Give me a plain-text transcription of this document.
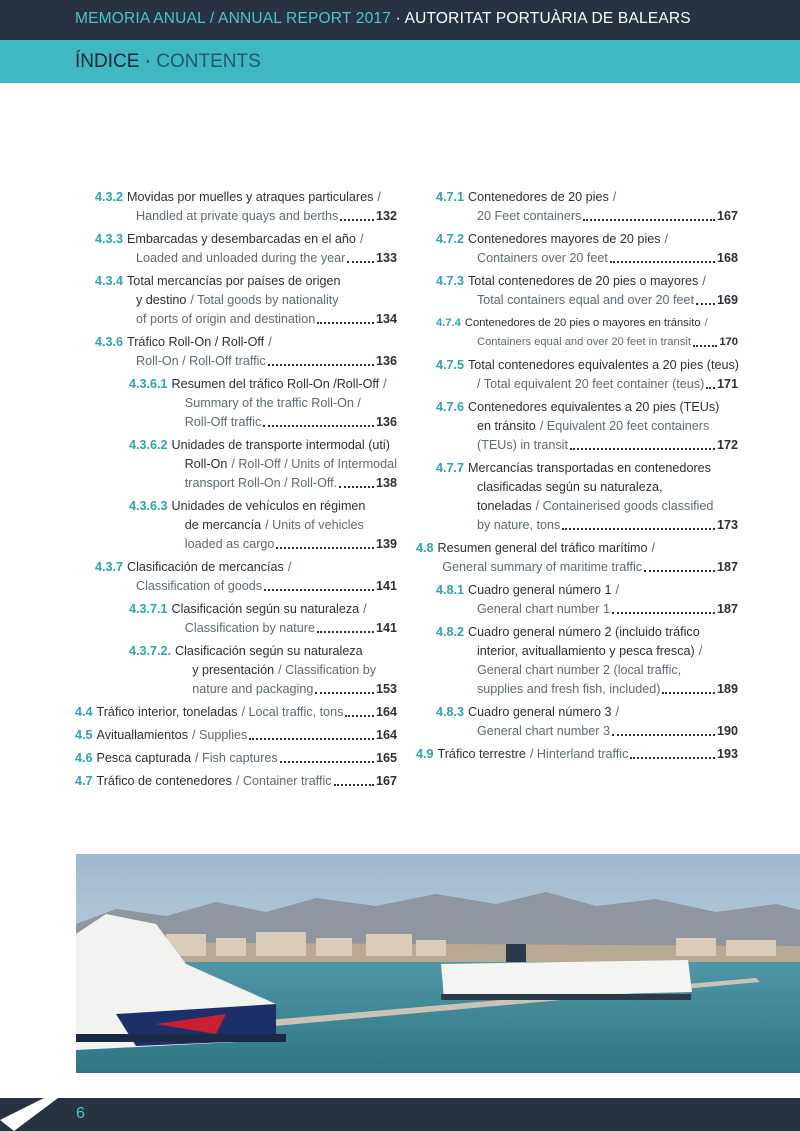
MEMORIA ANUAL / ANNUAL REPORT 2017 · AUTORITAT PORTUÀRIA DE BALEARS
ÍNDICE · CONTENTS
4.3.2 Movidas por muelles y atraques particulares /
Handled at private quays and berths	132
4.3.3 Embarcadas y desembarcadas en el año /
Loaded and unloaded during the year 133
4.3.4 Total mercancías por países de origen
y destino / Total goods by nationality
of ports of origin and destination	134
4.3.6 Tráfico Roll-On / Roll-Off /
Roll-On / Roll-Off traffic	136
4.3.6.1 Resumen del tráfico Roll-On /Roll-Off /
Summary of the traffic Roll-On /
Roll-Off traffic	136
4.3.6.2 Unidades de transporte intermodal (uti)
Roll-On / Roll-Off / Units of Intermodal
transport Roll-On / Roll-Off.	138
4.3.6.3 Unidades de vehículos en régimen
de mercancía / Units of vehicles
loaded as cargo	139
4.3.7 Clasificación de mercancías /
Classification of goods	141
4.3.7.1 Clasificación según su naturaleza /
Classification by nature	141
4.3.7.2. Clasificación según su naturaleza
y presentación / Classification by
nature and packaging	153
4.4 Tráfico interior, toneladas / Local traffic, tons	164
4.5 Avituallamientos / Supplies	164
4.6 Pesca capturada / Fish captures	165
4.7 Tráfico de contenedores / Container traffic	167
4.7.1 Contenedores de 20 pies /
20 Feet containers	167
4.7.2 Contenedores mayores de 20 pies /
Containers over 20 feet	168
4.7.3 Total contenedores de 20 pies o mayores /
Total containers equal and over 20 feet 169
4.7.4 Contenedores de 20 pies o mayores en tránsito /
Containers equal and over 20 feet in transit	170
4.7.5 Total contenedores equivalentes a 20 pies (teus)
/ Total equivalent 20 feet container (teus) 171
4.7.6 Contenedores equivalentes a 20 pies (TEUs)
en tránsito / Equivalent 20 feet containers
(TEUs) in transit	172
4.7.7 Mercancías transportadas en contenedores
clasificadas según su naturaleza,
toneladas / Containerised goods classified
by nature, tons	173
4.8 Resumen general del tráfico marítimo /
General summary of maritime traffic	187
4.8.1 Cuadro general número 1 /
General chart number 1	187
4.8.2 Cuadro general número 2 (incluido tráfico
interior, avituallamiento y pesca fresca) /
General chart number 2 (local traffic,
supplies and fresh fish, included)	189
4.8.3 Cuadro general número 3 /
General chart number 3	190
4.9 Tráfico terrestre / Hinterland traffic	193
6
